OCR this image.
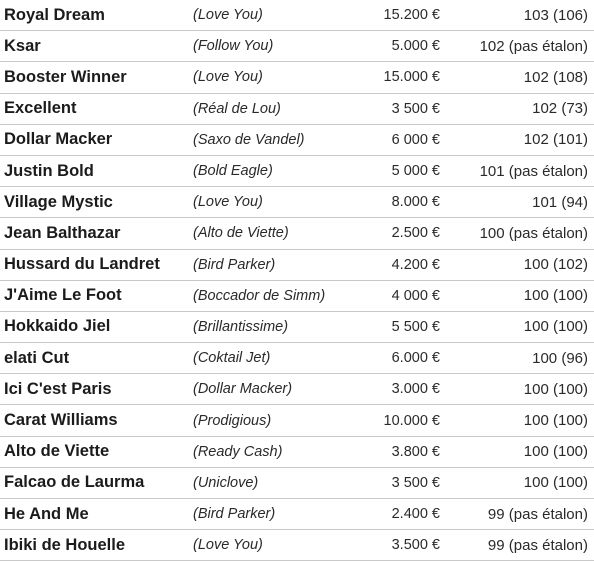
Royal Dream	(Love You)	15.200 €	103 (106)
Ksar	(Follow You)	5.000 €	102 (pas étalon)
Booster Winner	(Love You)	15.000 €	102 (108)
Excellent	(Réal de Lou)	3 500 €	102 (73)
Dollar Macker	(Saxo de Vandel)	6 000 €	102 (101)
Justin Bold	(Bold Eagle)	5 000 €	101 (pas étalon)
Village Mystic	(Love You)	8.000 €	101 (94)
Jean Balthazar	(Alto de Viette)	2.500 €	100 (pas étalon)
Hussard du Landret	(Bird Parker)	4.200 €	100 (102)
J'Aime Le Foot	(Boccador de Simm)	4 000 €	100 (100)
Hokkaido Jiel	(Brillantissime)	5 500 €	100 (100)
elati Cut	(Coktail Jet)	6.000 €	100 (96)
Ici C'est Paris	(Dollar Macker)	3.000 €	100 (100)
Carat Williams	(Prodigious)	10.000 €	100 (100)
Alto de Viette	(Ready Cash)	3.800 €	100 (100)
Falcao de Laurma	(Uniclove)	3 500 €	100 (100)
He And Me	(Bird Parker)	2.400 €	99 (pas étalon)
Ibiki de Houelle	(Love You)	3.500 €	99 (pas étalon)
